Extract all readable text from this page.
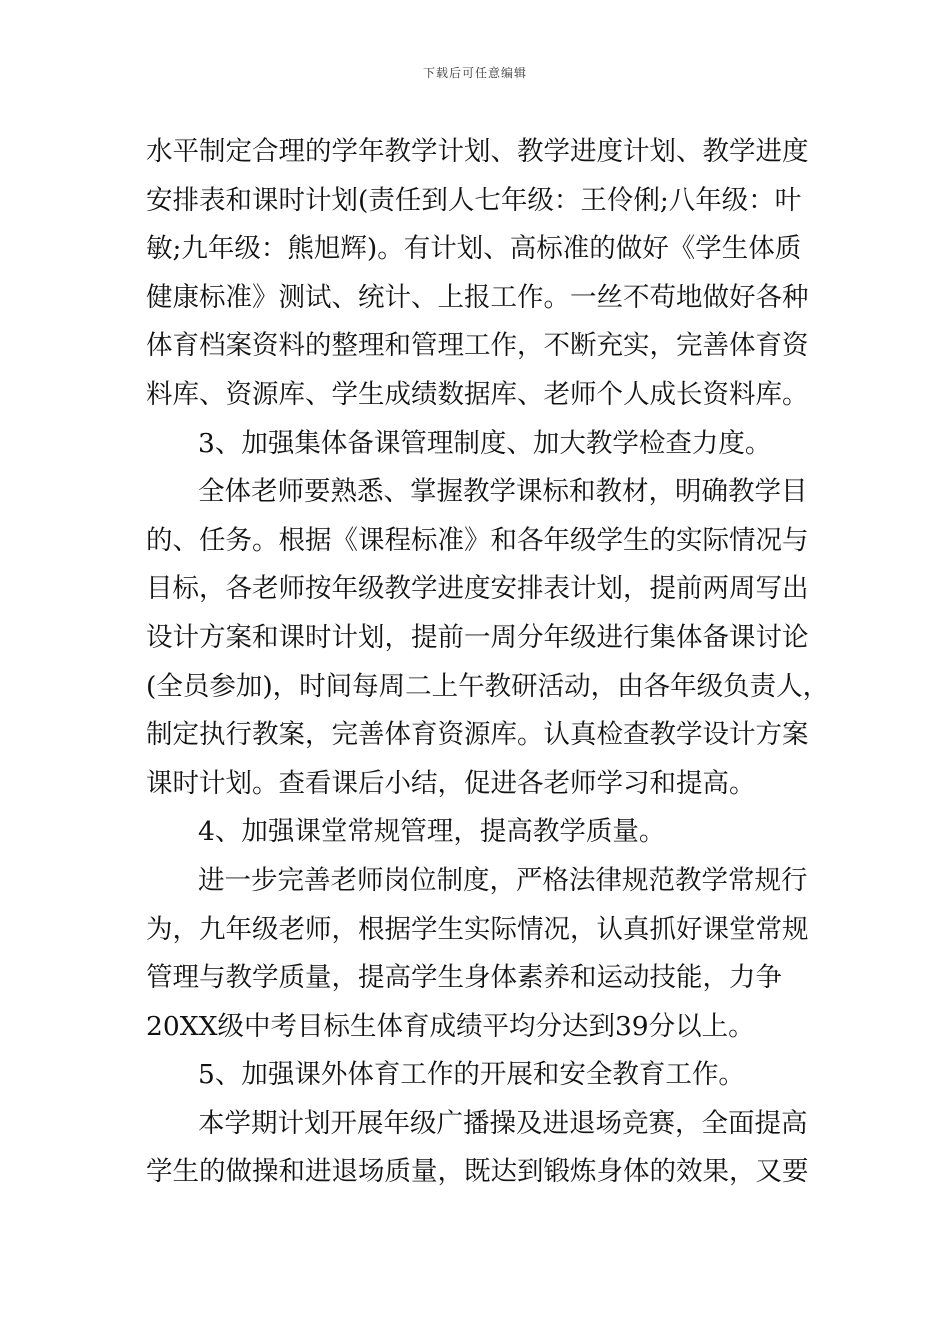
下载后可任意编辑
水平制定合理的学年教学计划、教学进度计划、教学进度
安排表和课时计划(责任到人七年级：王伶俐;八年级：叶
敏;九年级：熊旭辉)。有计划、高标准的做好《学生体质
健康标准》测试、统计、上报工作。一丝不苟地做好各种
体育档案资料的整理和管理工作，不断充实，完善体育资
料库、资源库、学生成绩数据库、老师个人成长资料库。
3、加强集体备课管理制度、加大教学检查力度。
全体老师要熟悉、掌握教学课标和教材，明确教学目
的、任务。根据《课程标准》和各年级学生的实际情况与
目标，各老师按年级教学进度安排表计划，提前两周写出
设计方案和课时计划，提前一周分年级进行集体备课讨论
(全员参加)，时间每周二上午教研活动，由各年级负责人，
制定执行教案，完善体育资源库。认真检查教学设计方案
课时计划。查看课后小结，促进各老师学习和提高。
4、加强课堂常规管理，提高教学质量。
进一步完善老师岗位制度，严格法律规范教学常规行
为，九年级老师，根据学生实际情况，认真抓好课堂常规
管理与教学质量，提高学生身体素养和运动技能，力争
20XX级中考目标生体育成绩平均分达到39分以上。
5、加强课外体育工作的开展和安全教育工作。
本学期计划开展年级广播操及进退场竞赛，全面提高
学生的做操和进退场质量，既达到锻炼身体的效果，又要
